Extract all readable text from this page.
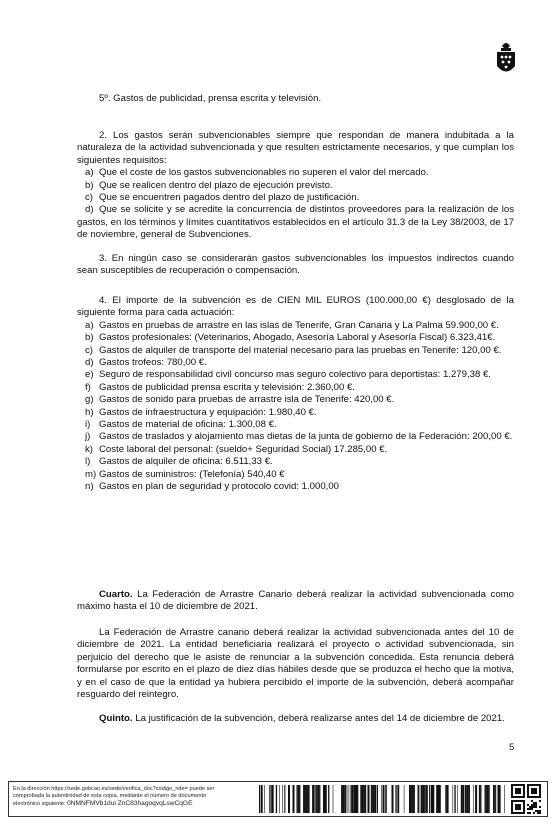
5º. Gastos de publicidad, prensa escrita y televisión.

2. Los gastos serán subvencionables siempre que respondan de manera indubitada a la naturaleza de la actividad subvencionada y que resulten estrictamente necesarios, y que cumplan los siguientes requisitos:

a) Que el coste de los gastos subvencionables no superen el valor del mercado.
b) Que se realicen dentro del plazo de ejecución previsto.
c) Que se encuentren pagados dentro del plazo de justificación.

d) Que se solicite y se acredite la concurrencia de distintos proveedores para la realización de los gastos, en los términos y límites cuantitativos establecidos en el artículo 31.3 de la Ley 38/2003, de 17 de noviembre, general de Subvenciones.

3. En ningún caso se considerarán gastos subvencionables los impuestos indirectos cuando sean susceptibles de recuperación o compensación.

4. El importe de la subvención es de CIEN MIL EUROS (100.000,00 €) desglosado de la siguiente forma para cada actuación:

a) Gastos en pruebas de arrastre en las islas de Tenerife, Gran Canaria y La Palma 59.900,00 €.

b) Gastos profesionales: (Veterinarios, Abogado, Asesoría Laboral y Asesoría Fiscal) 6.323,41€.

c) Gastos de alquiler de transporte del material necesario para las pruebas en Tenerife: 120,00 €.

d) Gastos trofeos: 780,00 €.

e) Seguro de responsabilidad civil concurso mas seguro colectivo para deportistas: 1.279,38 €.

f) Gastos de publicidad prensa escrita y televisión: 2.360,00 €.
g) Gastos de sonido para pruebas de arrastre isla de Tenerife: 420,00 €.
h) Gastos de infraestructura y equipación: 1.980,40 €.
i) Gastos de material de oficina: 1.300,08 €.

j) Gastos de traslados y alojamiento mas dietas de la junta de gobierno de la Federación: 200,00 €.

k) Coste laboral del personal: (sueldo+ Seguridad Social) 17.285,00 €.
l) Gastos de alquiler de oficina: 6.511,33 €.
m) Gastos de suministros: (Telefonía) 540,40 €
n) Gastos en plan de seguridad y protocolo covid: 1.000,00

Cuarto. La Federación de Arrastre Canario deberá realizar la actividad subvencionada como máximo hasta el 10 de diciembre de 2021.

La Federación de Arrastre canario deberá realizar la actividad subvencionada antes del 10 de diciembre de 2021. La entidad beneficiaria realizará el proyecto o actividad subvencionada, sin perjuicio del derecho que le asiste de renunciar a la subvención concedida. Esta renuncia deberá formularse por escrito en el plazo de diez días hábiles desde que se produzca el hecho que la motiva, y en el caso de que la entidad ya hubiera percibido el importe de la subvención, deberá acompañar resguardo del reintegro.

Quinto. La justificación de la subvención, deberá realizarse antes del 14 de diciembre de 2021.

5
En la dirección https://sede.gobcan.es/sede/verifica_doc?codigo_nde= puede ser
comprobada la autenticidad de esta copia, mediante el número de documento
electrónico siguiente: 0NMNFMVb1dui ZnC83hagoqvqLswCqGE
